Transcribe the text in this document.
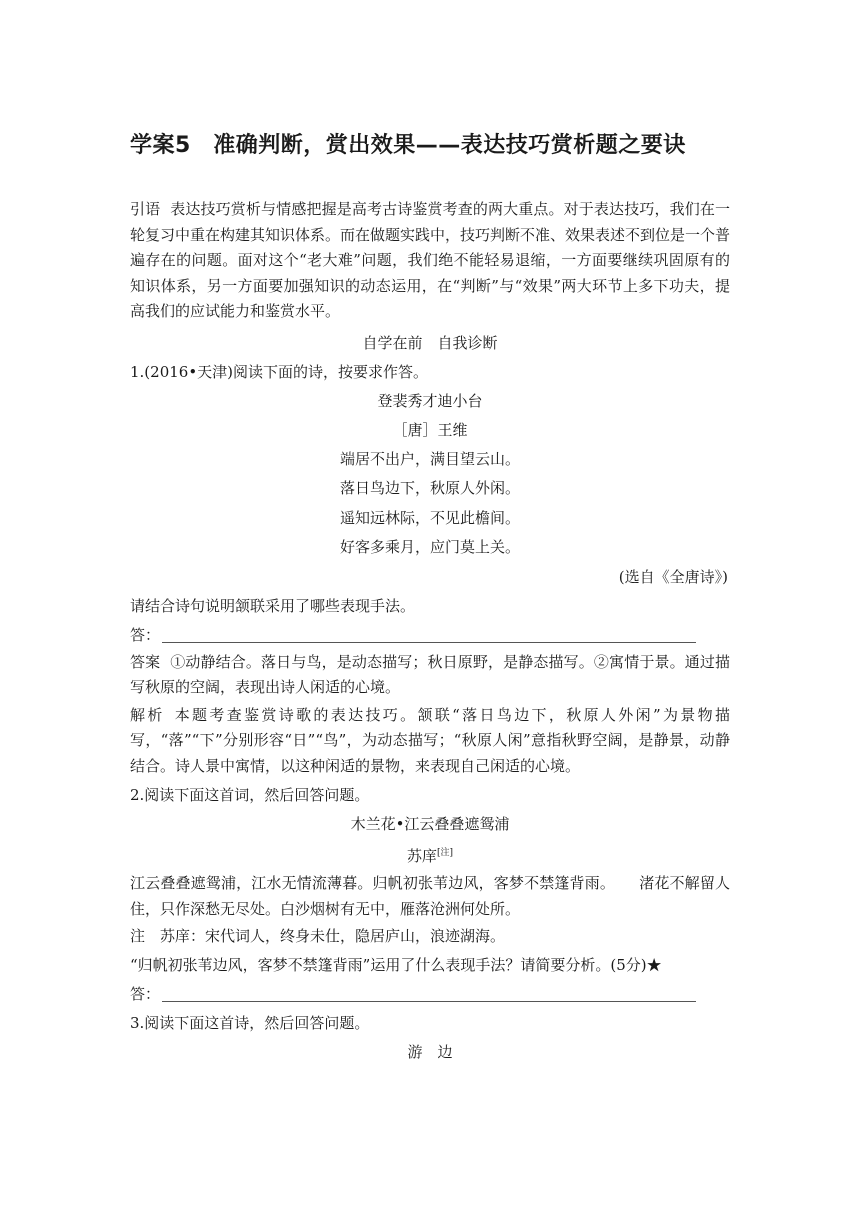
学案5　准确判断，赏出效果——表达技巧赏析题之要诀

引语 表达技巧赏析与情感把握是高考古诗鉴赏考查的两大重点。对于表达技巧，我们在一轮复习中重在构建其知识体系。而在做题实践中，技巧判断不准、效果表述不到位是一个普遍存在的问题。面对这个“老大难”问题，我们绝不能轻易退缩，一方面要继续巩固原有的知识体系，另一方面要加强知识的动态运用，在“判断”与“效果”两大环节上多下功夫，提高我们的应试能力和鉴赏水平。

自学在前　自我诊断

1.(2016•天津)阅读下面的诗，按要求作答。

登裴秀才迪小台

［唐］王维

端居不出户，满目望云山。

落日鸟边下，秋原人外闲。

遥知远林际，不见此檐间。

好客多乘月，应门莫上关。

(选自《全唐诗》)

请结合诗句说明颔联采用了哪些表现手法。

答：

答案 ①动静结合。落日与鸟，是动态描写；秋日原野，是静态描写。②寓情于景。通过描写秋原的空阔，表现出诗人闲适的心境。

解析 本题考查鉴赏诗歌的表达技巧。颔联“落日鸟边下，秋原人外闲”为景物描写，“落”“下”分别形容“日”“鸟”，为动态描写；“秋原人闲”意指秋野空阔，是静景，动静结合。诗人景中寓情，以这种闲适的景物，来表现自己闲适的心境。

2.阅读下面这首词，然后回答问题。

木兰花•江云叠叠遮鸳浦

苏庠[注]

江云叠叠遮鸳浦，江水无情流薄暮。归帆初张苇边风，客梦不禁篷背雨。 渚花不解留人住，只作深愁无尽处。白沙烟树有无中，雁落沧洲何处所。

注　苏庠：宋代词人，终身未仕，隐居庐山，浪迹湖海。

“归帆初张苇边风，客梦不禁篷背雨”运用了什么表现手法？请简要分析。(5分)★

答：

3.阅读下面这首诗，然后回答问题。

游　边
